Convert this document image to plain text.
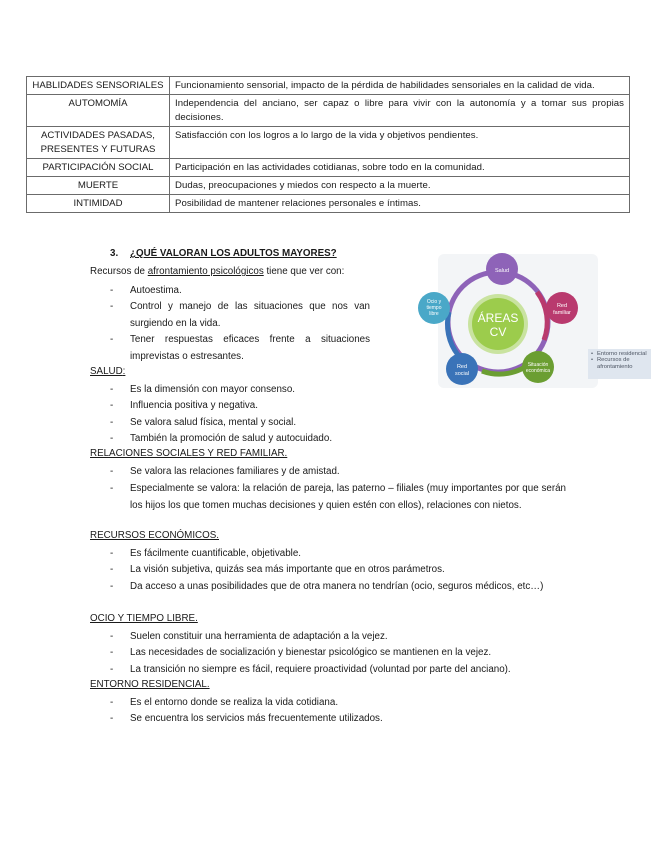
HABLIDADES SENSORIALES	Funcionamiento sensorial, impacto de la pérdida de habilidades sensoriales en la calidad de vida.
AUTOMOMÍA	Independencia del anciano, ser capaz o libre para vivir con la autonomía y a tomar sus propias decisiones.
ACTIVIDADES PASADAS, PRESENTES Y FUTURAS	Satisfacción con los logros a lo largo de la vida y objetivos pendientes.
PARTICIPACIÓN SOCIAL	Participación en las actividades cotidianas, sobre todo en la comunidad.
MUERTE	Dudas, preocupaciones y miedos con respecto a la muerte.
INTIMIDAD	Posibilidad de mantener relaciones personales e íntimas.
3. ¿QUÉ VALORAN LOS ADULTOS MAYORES?
Recursos de afrontamiento psicológicos tiene que ver con:
- Autoestima.
- Control y manejo de las situaciones que nos van surgiendo en la vida.
- Tener respuestas eficaces frente a situaciones imprevistas o estresantes.
SALUD:
- Es la dimensión con mayor consenso.
- Influencia positiva y negativa.
- Se valora salud física, mental y social.
- También la promoción de salud y autocuidado.
RELACIONES SOCIALES Y RED FAMILIAR.
- Se valora las relaciones familiares y de amistad.
- Especialmente se valora: la relación de pareja, las paterno – filiales (muy importantes por que serán los hijos los que tomen muchas decisiones y quien estén con ellos), relaciones con nietos.
RECURSOS ECONÓMICOS.
- Es fácilmente cuantificable, objetivable.
- La visión subjetiva, quizás sea más importante que en otros parámetros.
- Da acceso a unas posibilidades que de otra manera no tendrían (ocio, seguros médicos, etc…)
OCIO Y TIEMPO LIBRE.
- Suelen constituir una herramienta de adaptación a la vejez.
- Las necesidades de socialización y bienestar psicológico se mantienen en la vejez.
- La transición no siempre es fácil, requiere proactividad (voluntad por parte del anciano).
ENTORNO RESIDENCIAL.
- Es el entorno donde se realiza la vida cotidiana.
- Se encuentra los servicios más frecuentemente utilizados.
ÁREAS
CV
Salud
Red
familiar
Situación
económica
Red
social
Ocio y
tiempo
libre
• Entorno residencial
• Recursos de afrontamiento
